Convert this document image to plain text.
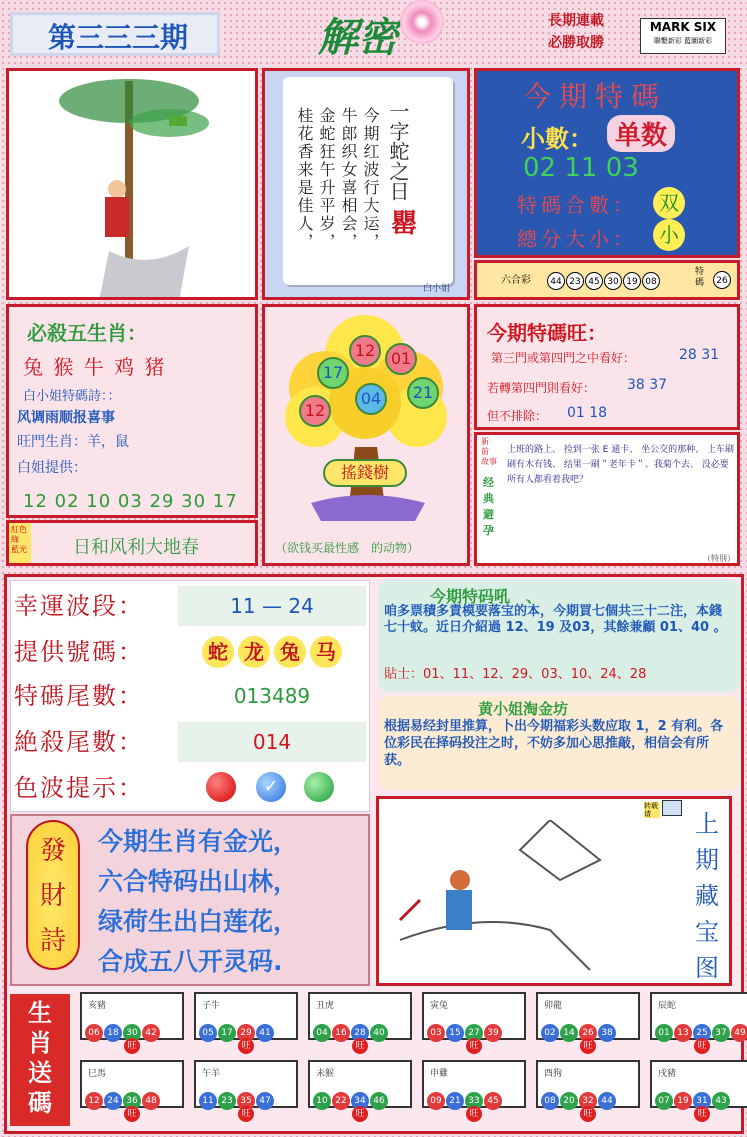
第三三三期	解密	長期連載
必勝取勝
MARK SIX
聯繫新彩 藍圖新彩
一字蛇之日
罌
今期红波行大运，
牛郎织女喜相会，
金蛇狂午升平岁，
桂花香来是佳人，
白小姐
今期特碼
小數： 单数
02 11 03
特碼合數：	双
總分大小：	小
六合彩	44 23 45 30 19 08
特碼	26
必殺五生肖：
兔 猴 牛 鸡 猪
白小姐特碼詩：：
风调雨顺报喜事
旺門生肖：羊，鼠
白姐提供：
12 02 10 03 29 30 17
紅色 綠 藍光	日和风利大地春
12 01
17
04	21
12
搖錢樹
（欲钱买最性感　的动物）
今期特碼旺：
第三門或第四門之中看好：	28 31
若轉第四門則看好： 38 37
但不排除： 01 18
新 前 故事
经 典 避 孕
上班的路上、 捡到一张 E 通卡、 坐公交的那种、 上车刷刷有木有钱、 结果一刷＂老年卡＂、我菊个去、 没必要所有人都看着我吧？
（特別）
幸運波段：	11 — 24
提供號碼：	蛇 龙 兔 马
特碼尾數：	013489
絶殺尾數：	014
色波提示：	✓
今期特码吼　、
咱多票積多責模要落宝的本，今期買七個共三十二注，本錢七十蚊。近日介紹過 12、19 及03，其餘兼顧 01、40 。
貼士：01、11、12、29、03、10、24、28
黄小姐淘金坊
根据易经封里推算，卜出今期福彩头数应取 1，2 有利。各位彩民在择码投注之时，不妨多加心思推敲，相信会有所获。
發
財
詩
今期生肖有金光，
六合特码出山林，
绿荷生出白莲花，
合成五八开灵码.
转载 请	上
期
藏
宝
图
生
肖
送
碼
亥豬
06 18 30 42
旺
子牛
05 17 29 41
旺
丑虎
04 16 28 40
旺
寅兔
03 15 27 39
旺
卯龍
02 14 26 38
旺
辰蛇
01 13 25 37 49
旺
巳馬
12 24 36 48
旺
午羊
11 23 35 47
旺
未猴
10 22 34 46
旺
申雞
09 21 33 45
旺
酉狗
08 20 32 44
旺
戌豬
07 19 31 43
旺
